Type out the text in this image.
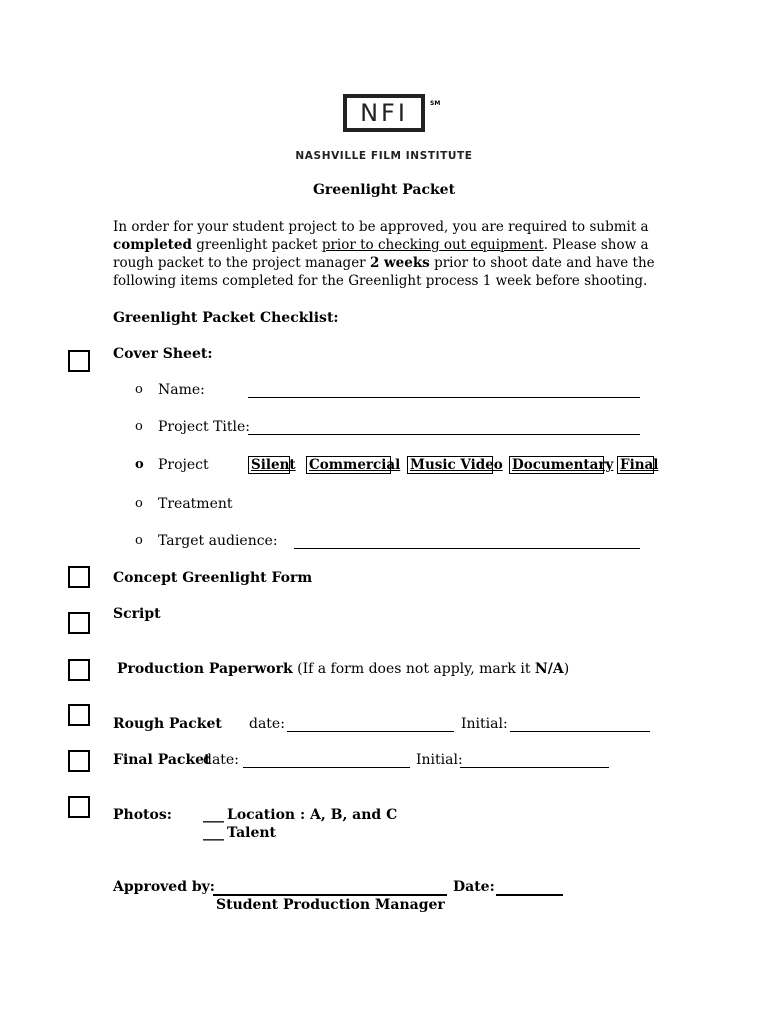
NFI	SM
NASHVILLE FILM INSTITUTE
Greenlight Packet
In order for your student project to be approved, you are required to submit a
completed greenlight packet prior to checking out equipment. Please show a
rough packet to the project manager 2 weeks prior to shoot date and have the
following items completed for the Greenlight process 1 week before shooting.
Greenlight Packet Checklist:
Cover Sheet:
o Name:
o Project Title:
o Project	Silent Commercial Music Video Documentary Final
o Treatment
o Target audience:
Concept Greenlight Form
Script
Production Paperwork (If a form does not apply, mark it N/A)
Rough Packet date:	Initial:
Final Packet
date:	Initial:
Photos: ___ Location : A, B, and C
___ Talent
Approved by:	Date:
Student Production Manager
